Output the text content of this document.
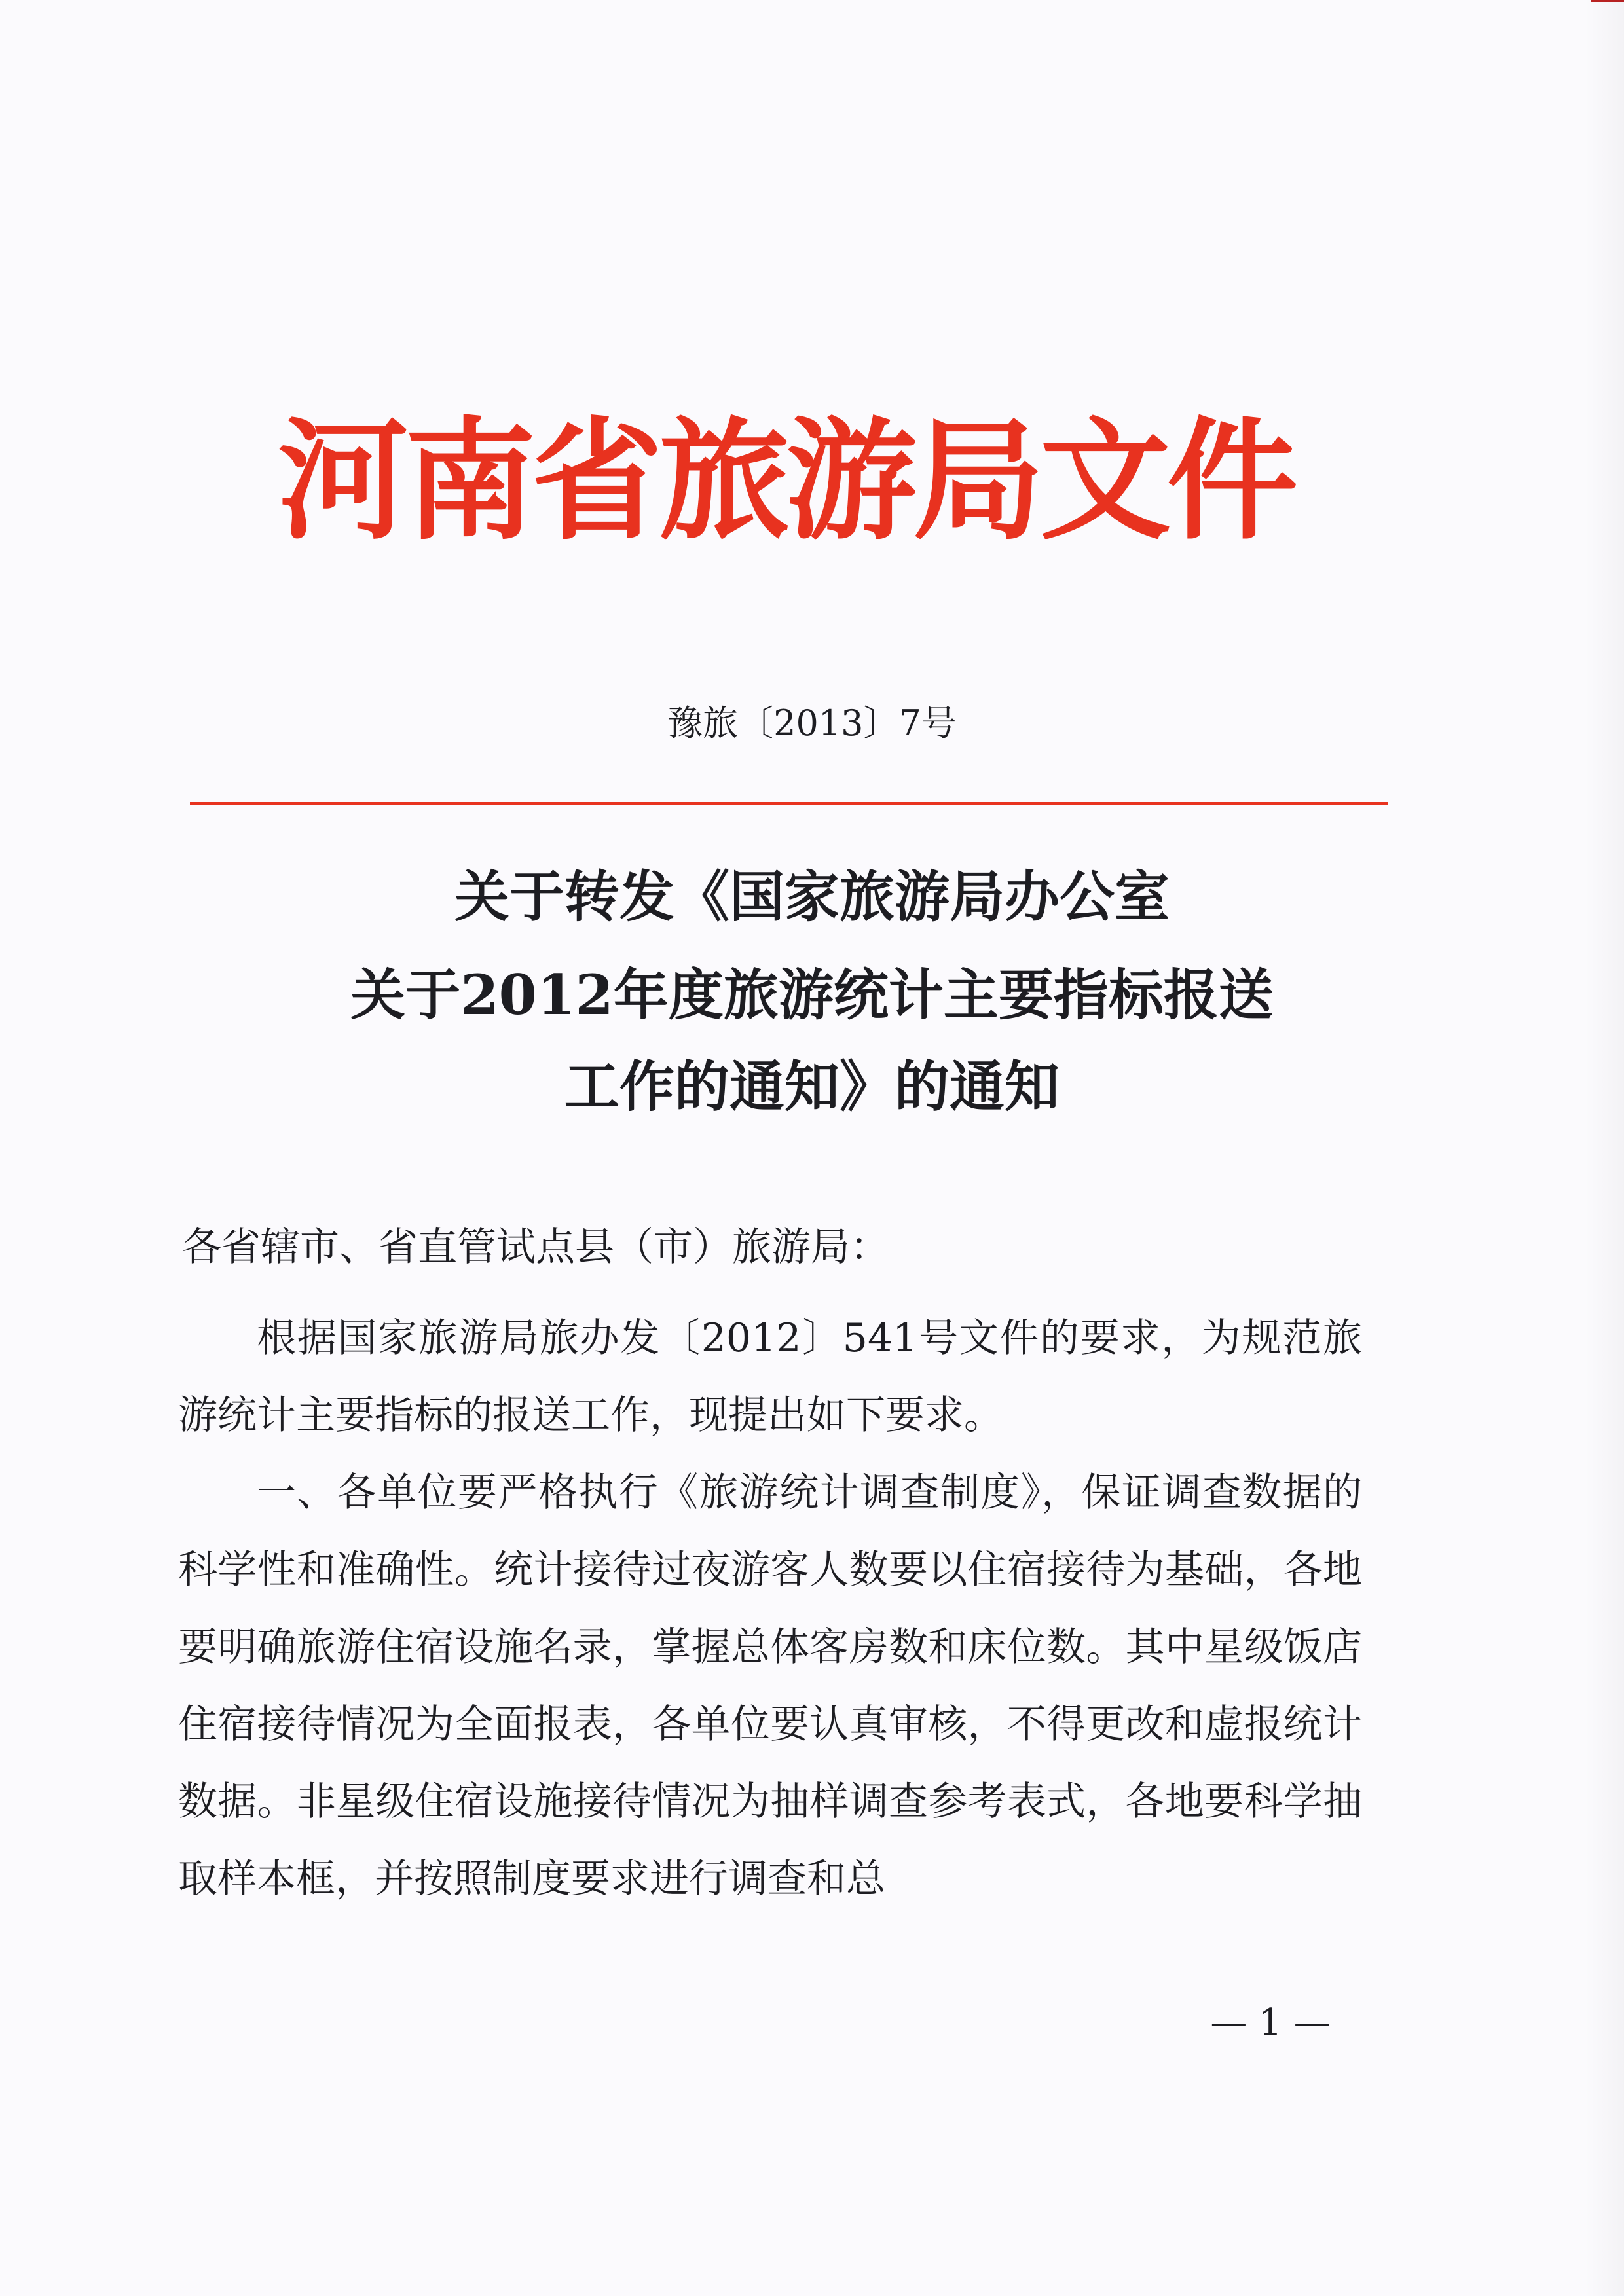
河南省旅游局文件
豫旅〔2013〕7号
关于转发《国家旅游局办公室
关于2012年度旅游统计主要指标报送
工作的通知》的通知
各省辖市、省直管试点县（市）旅游局：

根据国家旅游局旅办发〔2012〕541号文件的要求，为规范旅游统计主要指标的报送工作，现提出如下要求。

一、各单位要严格执行《旅游统计调查制度》，保证调查数据的科学性和准确性。统计接待过夜游客人数要以住宿接待为基础，各地要明确旅游住宿设施名录，掌握总体客房数和床位数。其中星级饭店住宿接待情况为全面报表，各单位要认真审核，不得更改和虚报统计数据。非星级住宿设施接待情况为抽样调查参考表式，各地要科学抽取样本框，并按照制度要求进行调查和总

— 1 —
